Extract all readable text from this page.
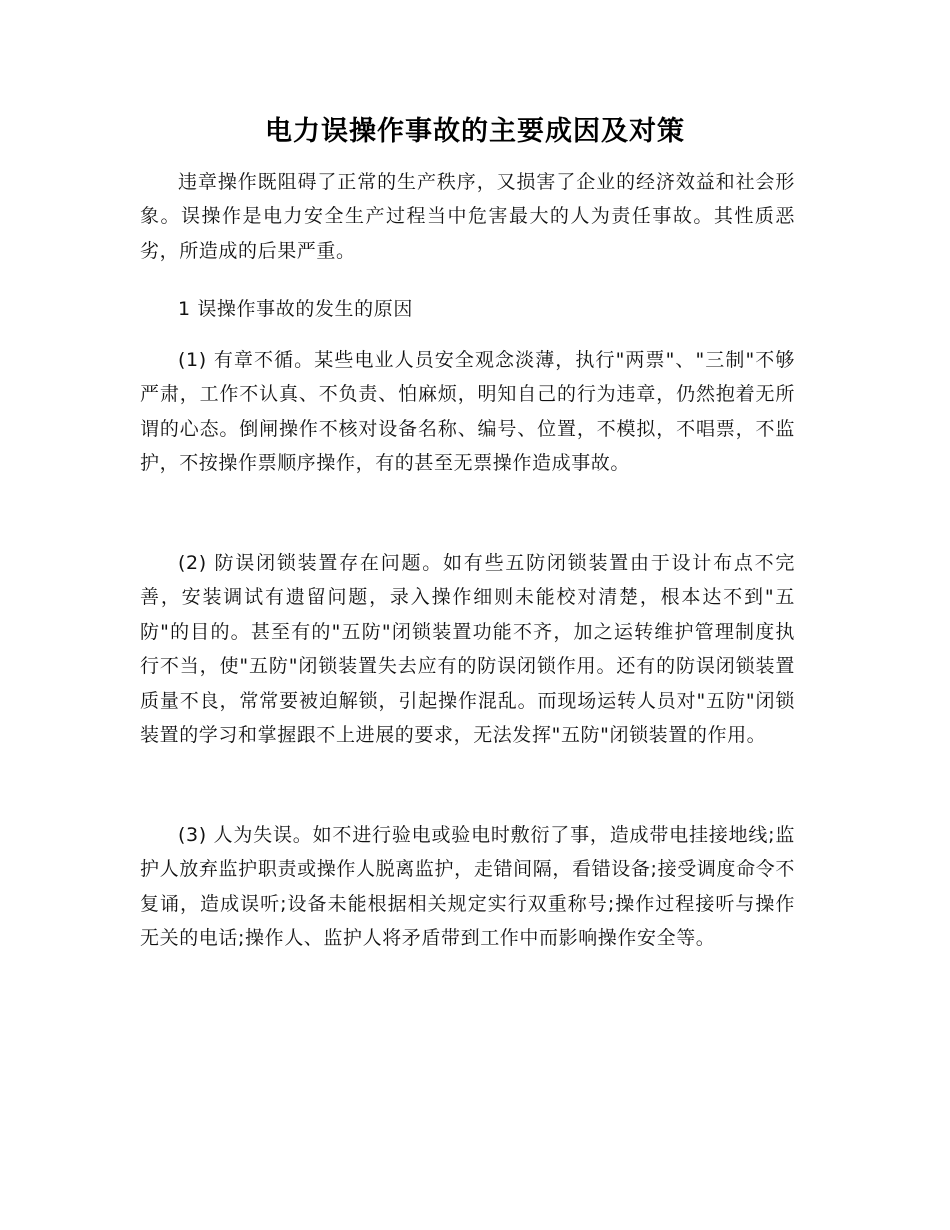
电力误操作事故的主要成因及对策

违章操作既阻碍了正常的生产秩序，又损害了企业的经济效益和社会形象。误操作是电力安全生产过程当中危害最大的人为责任事故。其性质恶劣，所造成的后果严重。

1 误操作事故的发生的原因

(1) 有章不循。某些电业人员安全观念淡薄，执行"两票"、"三制"不够严肃，工作不认真、不负责、怕麻烦，明知自己的行为违章，仍然抱着无所谓的心态。倒闸操作不核对设备名称、编号、位置，不模拟，不唱票，不监护，不按操作票顺序操作，有的甚至无票操作造成事故。

(2) 防误闭锁装置存在问题。如有些五防闭锁装置由于设计布点不完善，安装调试有遗留问题，录入操作细则未能校对清楚，根本达不到"五防"的目的。甚至有的"五防"闭锁装置功能不齐，加之运转维护管理制度执行不当，使"五防"闭锁装置失去应有的防误闭锁作用。还有的防误闭锁装置质量不良，常常要被迫解锁，引起操作混乱。而现场运转人员对"五防"闭锁装置的学习和掌握跟不上进展的要求，无法发挥"五防"闭锁装置的作用。

(3) 人为失误。如不进行验电或验电时敷衍了事，造成带电挂接地线;监护人放弃监护职责或操作人脱离监护，走错间隔，看错设备;接受调度命令不复诵，造成误听;设备未能根据相关规定实行双重称号;操作过程接听与操作无关的电话;操作人、监护人将矛盾带到工作中而影响操作安全等。
